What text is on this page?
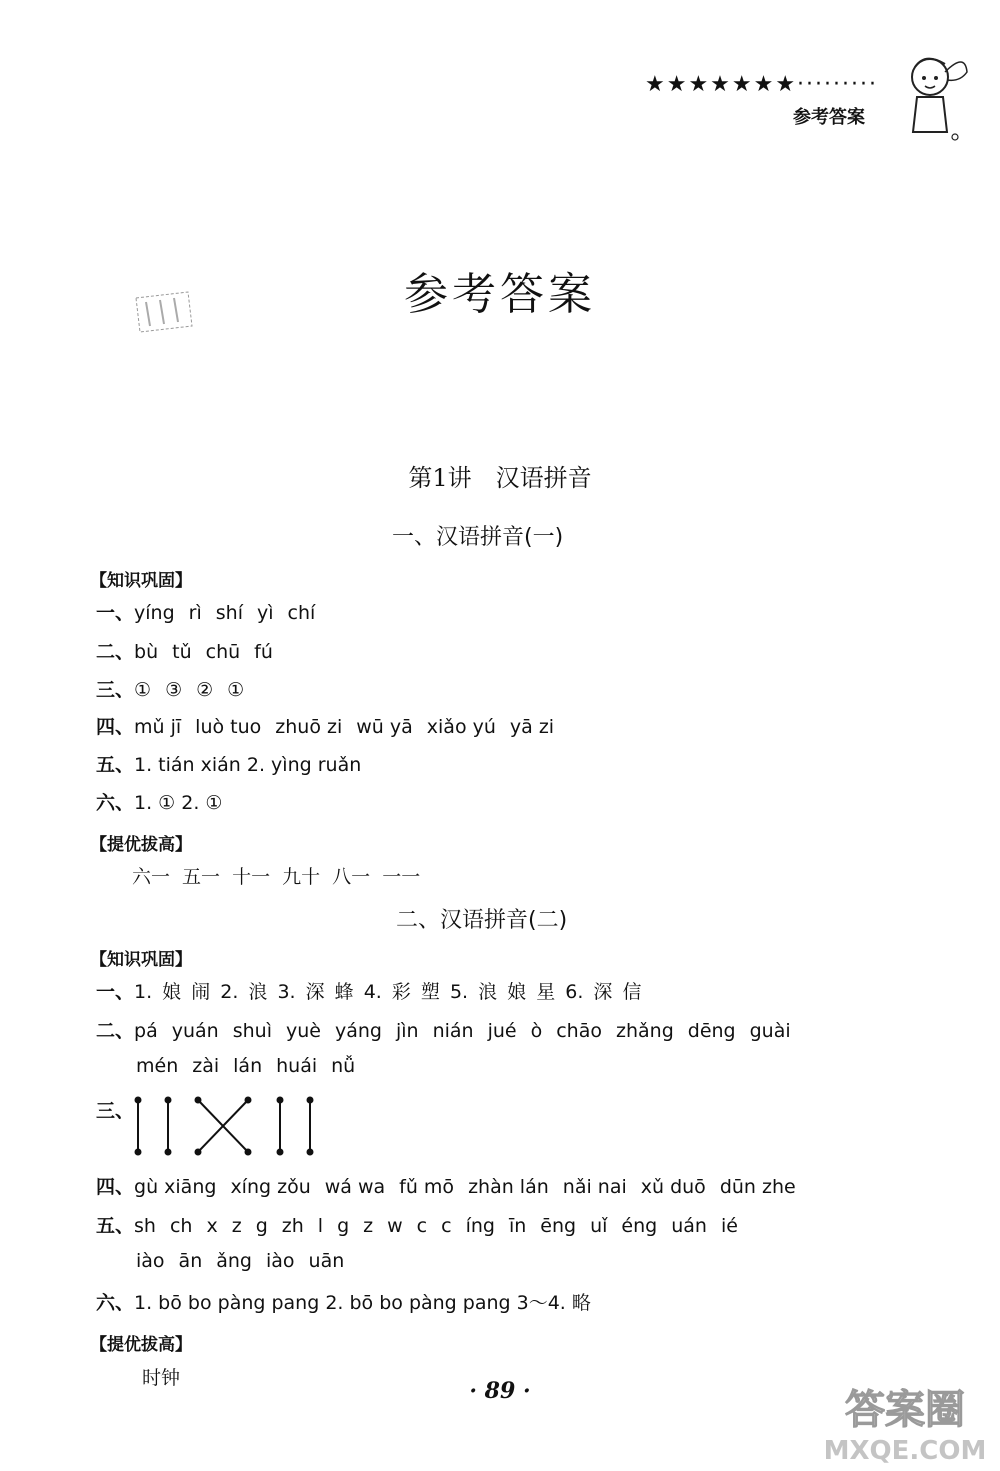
★★★★★★★·········
参考答案
参考答案
第1讲　汉语拼音
一、汉语拼音(一)
【知识巩固】
一、yíng rì shí yì chí
二、bù tǔ chū fú
三、① ③ ② ①
四、mǔ jī luò tuo zhuō zi wū yā xiǎo yú yā zi
五、1. tián xián 2. yìng ruǎn
六、1. ① 2. ①
【提优拔高】
六一 五一 十一 九十 八一 一一
二、汉语拼音(二)
【知识巩固】
一、1. 娘 闹 2. 浪 3. 深 蜂 4. 彩 塑 5. 浪 娘 星 6. 深 信
二、pá yuán shuì yuè yáng jìn nián jué ò chāo zhǎng dēng guài
mén zài lán huái nǚ
三、
四、gù xiāng xíng zǒu wá wa fǔ mō zhàn lán nǎi nai xǔ duō dūn zhe
五、sh ch x z g zh l g z w c c íng īn ēng uǐ éng uán ié
iào ān ǎng iào uān
六、1. bō bo pàng pang 2. bō bo pàng pang 3～4. 略
【提优拔高】
时钟	· 89 ·	答案圈
MXQE.COM
